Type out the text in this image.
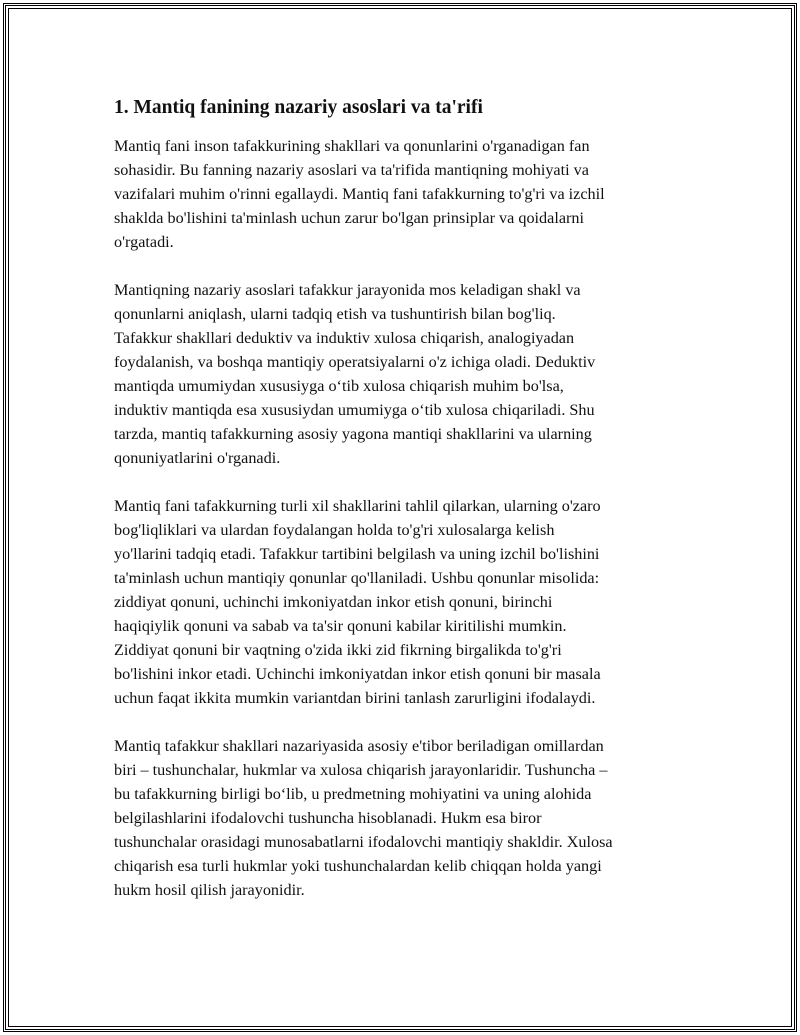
1. Mantiq fanining nazariy asoslari va ta'rifi

Mantiq fani inson tafakkurining shakllari va qonunlarini o'rganadigan fan
sohasidir. Bu fanning nazariy asoslari va ta'rifida mantiqning mohiyati va
vazifalari muhim o'rinni egallaydi. Mantiq fani tafakkurning to'g'ri va izchil
shaklda bo'lishini ta'minlash uchun zarur bo'lgan prinsiplar va qoidalarni
o'rgatadi.

Mantiqning nazariy asoslari tafakkur jarayonida mos keladigan shakl va
qonunlarni aniqlash, ularni tadqiq etish va tushuntirish bilan bog'liq.
Tafakkur shakllari deduktiv va induktiv xulosa chiqarish, analogiyadan
foydalanish, va boshqa mantiqiy operatsiyalarni o'z ichiga oladi. Deduktiv
mantiqda umumiydan xususiyga o‘tib xulosa chiqarish muhim bo'lsa,
induktiv mantiqda esa xususiydan umumiyga o‘tib xulosa chiqariladi. Shu
tarzda, mantiq tafakkurning asosiy yagona mantiqi shakllarini va ularning
qonuniyatlarini o'rganadi.

Mantiq fani tafakkurning turli xil shakllarini tahlil qilarkan, ularning o'zaro
bog'liqliklari va ulardan foydalangan holda to'g'ri xulosalarga kelish
yo'llarini tadqiq etadi. Tafakkur tartibini belgilash va uning izchil bo'lishini
ta'minlash uchun mantiqiy qonunlar qo'llaniladi. Ushbu qonunlar misolida:
ziddiyat qonuni, uchinchi imkoniyatdan inkor etish qonuni, birinchi
haqiqiylik qonuni va sabab va ta'sir qonuni kabilar kiritilishi mumkin.
Ziddiyat qonuni bir vaqtning o'zida ikki zid fikrning birgalikda to'g'ri
bo'lishini inkor etadi. Uchinchi imkoniyatdan inkor etish qonuni bir masala
uchun faqat ikkita mumkin variantdan birini tanlash zarurligini ifodalaydi.

Mantiq tafakkur shakllari nazariyasida asosiy e'tibor beriladigan omillardan
biri – tushunchalar, hukmlar va xulosa chiqarish jarayonlaridir. Tushuncha –
bu tafakkurning birligi bo‘lib, u predmetning mohiyatini va uning alohida
belgilashlarini ifodalovchi tushuncha hisoblanadi. Hukm esa biror
tushunchalar orasidagi munosabatlarni ifodalovchi mantiqiy shakldir. Xulosa
chiqarish esa turli hukmlar yoki tushunchalardan kelib chiqqan holda yangi
hukm hosil qilish jarayonidir.
